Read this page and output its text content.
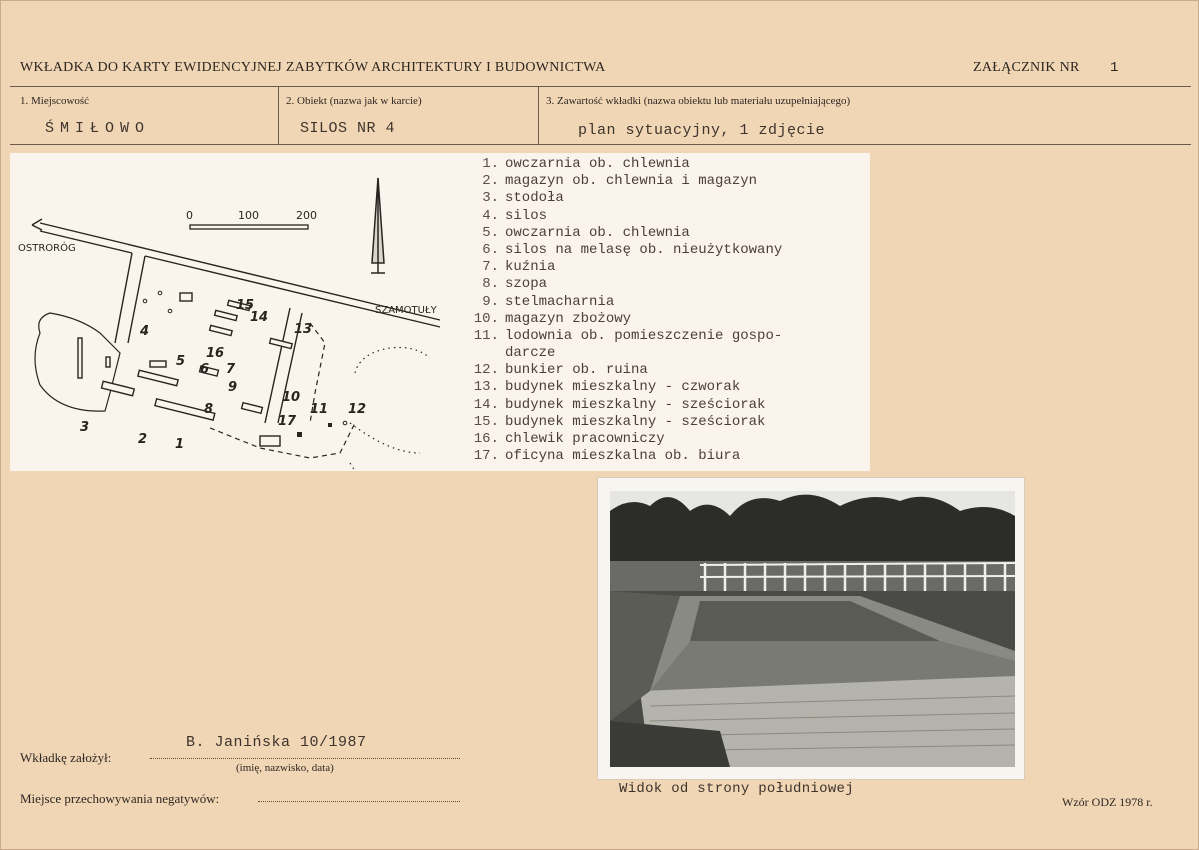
WKŁADKA DO KARTY EWIDENCYJNEJ ZABYTKÓW ARCHITEKTURY I BUDOWNICTWA	ZAŁĄCZNIK NR 1
1. Miejscowość
ŚMIŁOWO
2. Obiekt (nazwa jak w karcie)
SILOS NR 4
3. Zawartość wkładki (nazwa obiektu lub materiału uzupełniającego)
plan sytuacyjny, 1 zdjęcie
0	100	200
OSTRORÓG
SZAMOTUŁY
1
2
3
4
5
6 7
8
9
10
11 12
13
14
15
16
17
1. owczarnia ob. chlewnia
2. magazyn ob. chlewnia i magazyn
3. stodoła
4. silos
5. owczarnia ob. chlewnia
6. silos na melasę ob. nieużytkowany
7. kuźnia
8. szopa
9. stelmacharnia
10. magazyn zbożowy
11. lodownia ob. pomieszczenie gospo-
darcze
12. bunkier ob. ruina
13. budynek mieszkalny - czworak
14. budynek mieszkalny - sześciorak
15. budynek mieszkalny - sześciorak
16. chlewik pracowniczy
17. oficyna mieszkalna ob. biura
Widok od strony południowej
Wkładkę założył:
B. Janińska 10/1987
(imię, nazwisko, data)
Miejsce przechowywania negatywów:	Wzór ODZ 1978 r.
